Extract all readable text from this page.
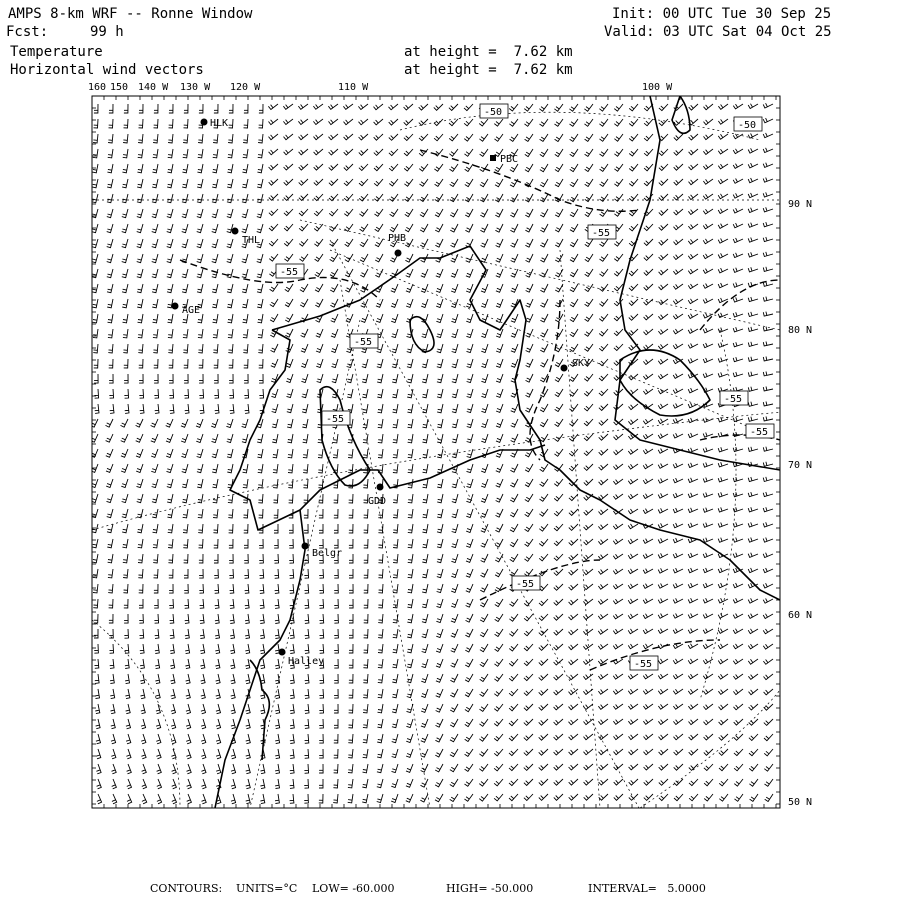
AMPS 8-km WRF -- Ronne Window	Init: 00 UTC Tue 30 Sep 25
Fcst:	99 h	Valid: 03 UTC Sat 04 Oct 25
Temperature
Horizontal wind vectors
at height =  7.62 km
at height =  7.62 km
HLK
PBC
THL	PHB
AGE
SKY
GDD
Belgr
Halley
-50
-50
-55
-55
-55
-55
-55
-55
-55
-55
160 150 140 W 130 W 120 W	110 W	100 W
90 N
80 N
70 N
60 N
50 N
CONTOURS: UNITS=°C LOW= -60.000	HIGH= -50.000	INTERVAL=   5.0000
